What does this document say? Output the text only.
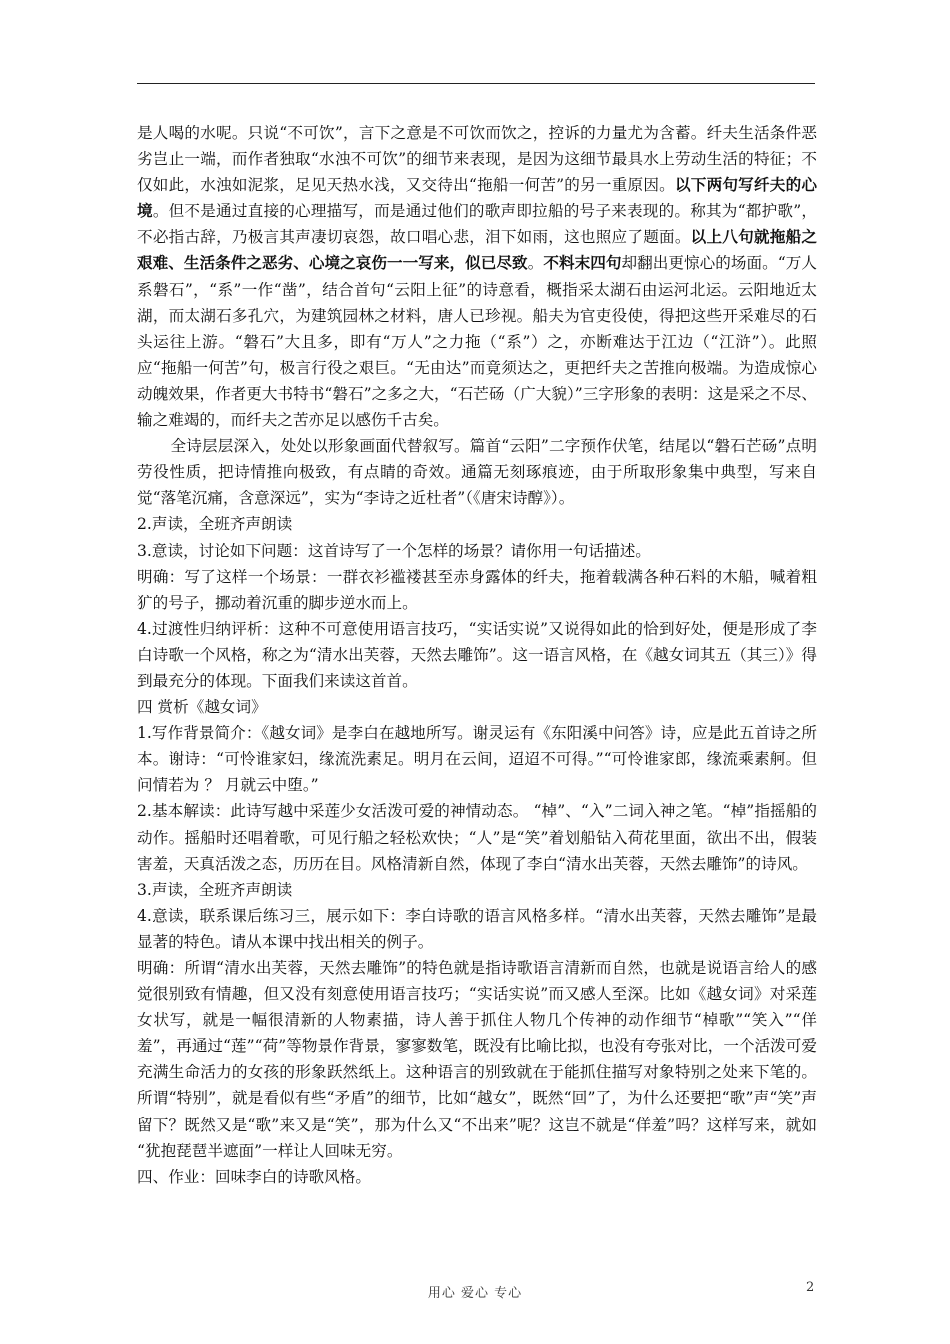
是人喝的水呢。只说“不可饮”，言下之意是不可饮而饮之，控诉的力量尤为含蓄。纤夫生活条件恶劣岂止一端，而作者独取“水浊不可饮”的细节来表现，是因为这细节最具水上劳动生活的特征；不仅如此，水浊如泥浆，足见天热水浅，又交待出“拖船一何苦”的另一重原因。以下两句写纤夫的心境。但不是通过直接的心理描写，而是通过他们的歌声即拉船的号子来表现的。称其为“都护歌”，不必指古辞，乃极言其声凄切哀怨，故口唱心悲，泪下如雨，这也照应了题面。以上八句就拖船之艰难、生活条件之恶劣、心境之哀伤一一写来，似已尽致。不料末四句却翻出更惊心的场面。“万人系磐石”，“系”一作“凿”，结合首句“云阳上征”的诗意看，概指采太湖石由运河北运。云阳地近太湖，而太湖石多孔穴，为建筑园林之材料，唐人已珍视。船夫为官吏役使，得把这些开采难尽的石头运往上游。“磐石”大且多，即有“万人”之力拖（“系”）之，亦断难达于江边（“江浒”）。此照应“拖船一何苦”句，极言行役之艰巨。“无由达”而竟须达之，更把纤夫之苦推向极端。为造成惊心动魄效果，作者更大书特书“磐石”之多之大，“石芒砀（广大貌）”三字形象的表明：这是采之不尽、输之难竭的，而纤夫之苦亦足以感伤千古矣。

全诗层层深入，处处以形象画面代替叙写。篇首“云阳”二字预作伏笔，结尾以“磐石芒砀”点明劳役性质，把诗情推向极致，有点睛的奇效。通篇无刻琢痕迹，由于所取形象集中典型，写来自觉“落笔沉痛，含意深远”，实为“李诗之近杜者”（《唐宋诗醇》）。

2.声读，全班齐声朗读

3.意读，讨论如下问题：这首诗写了一个怎样的场景？请你用一句话描述。

明确：写了这样一个场景：一群衣衫褴褛甚至赤身露体的纤夫，拖着载满各种石料的木船，喊着粗犷的号子，挪动着沉重的脚步逆水而上。

4.过渡性归纳评析：这种不可意使用语言技巧，“实话实说”又说得如此的恰到好处，便是形成了李白诗歌一个风格，称之为“清水出芙蓉，天然去雕饰”。这一语言风格，在《越女词其五（其三）》得到最充分的体现。下面我们来读这首首。

四 赏析《越女词》

1.写作背景简介：《越女词》是李白在越地所写。谢灵运有《东阳溪中问答》诗，应是此五首诗之所本。谢诗：“可怜谁家妇，缘流洗素足。明月在云间，迢迢不可得。”“可怜谁家郎，缘流乘素舸。但问情若为 ？ 月就云中堕。”

2.基本解读：此诗写越中采莲少女活泼可爱的神情动态。 “棹”、“入”二词入神之笔。“棹”指摇船的动作。摇船时还唱着歌，可见行船之轻松欢快；“人”是“笑”着划船钻入荷花里面，欲出不出，假装害羞，天真活泼之态，历历在目。风格清新自然，体现了李白“清水出芙蓉，天然去雕饰”的诗风。

3.声读，全班齐声朗读

4.意读，联系课后练习三，展示如下：李白诗歌的语言风格多样。“清水出芙蓉，天然去雕饰”是最显著的特色。请从本课中找出相关的例子。

明确：所谓“清水出芙蓉，天然去雕饰”的特色就是指诗歌语言清新而自然，也就是说语言给人的感觉很别致有情趣，但又没有刻意使用语言技巧；“实话实说”而又感人至深。比如《越女词》对采莲女状写，就是一幅很清新的人物素描，诗人善于抓住人物几个传神的动作细节“棹歌”“笑入”“佯羞”，再通过“莲”“荷”等物景作背景，寥寥数笔，既没有比喻比拟，也没有夸张对比，一个活泼可爱充满生命活力的女孩的形象跃然纸上。这种语言的别致就在于能抓住描写对象特别之处来下笔的。所谓“特别”，就是看似有些“矛盾”的细节，比如“越女”，既然“回”了，为什么还要把“歌”声“笑”声留下？既然又是“歌”来又是“笑”，那为什么又“不出来”呢？这岂不就是“佯羞”吗？这样写来，就如 “犹抱琵琶半遮面”一样让人回味无穷。

四、作业：回味李白的诗歌风格。

用心 爱心 专心	2
